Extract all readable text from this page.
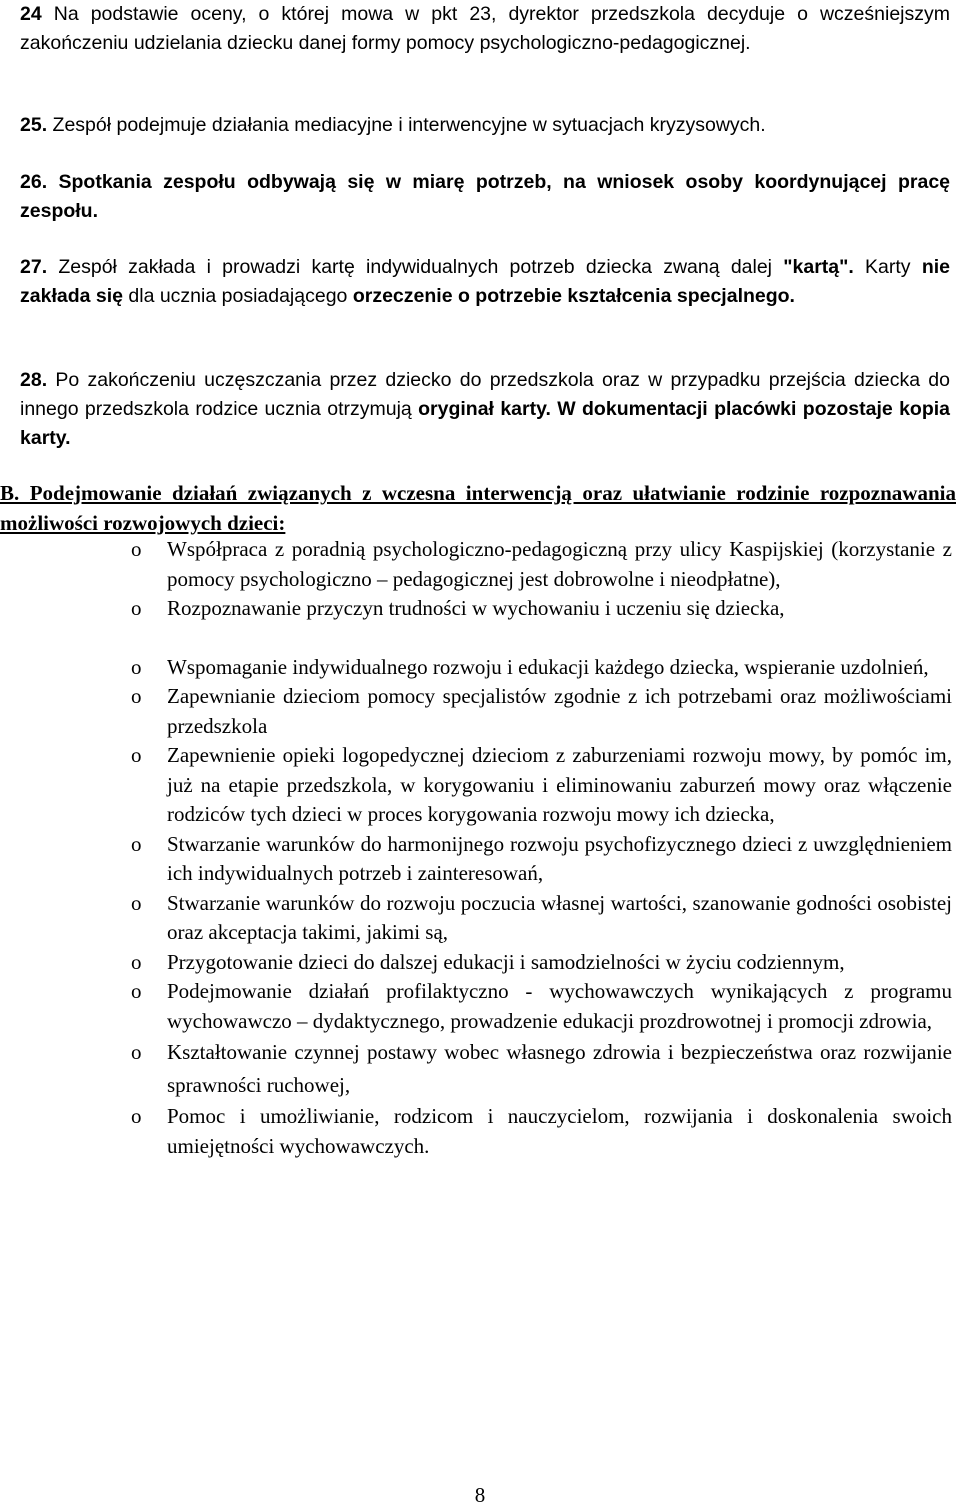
24 Na podstawie oceny, o której mowa w pkt 23, dyrektor przedszkola decyduje o wcześniejszym zakończeniu udzielania dziecku danej formy pomocy psychologiczno-pedagogicznej.
25. Zespół podejmuje działania mediacyjne i interwencyjne w sytuacjach kryzysowych.
26. Spotkania zespołu odbywają się w miarę potrzeb, na wniosek osoby koordynującej pracę zespołu.
27. Zespół zakłada i prowadzi kartę indywidualnych potrzeb dziecka zwaną dalej "kartą". Karty nie zakłada się dla ucznia posiadającego orzeczenie o potrzebie kształcenia specjalnego.
28. Po zakończeniu uczęszczania przez dziecko do przedszkola oraz w przypadku przejścia dziecka do innego przedszkola rodzice ucznia otrzymują oryginał karty. W dokumentacji placówki pozostaje kopia karty.
B. Podejmowanie działań związanych z wczesna interwencją oraz ułatwianie rodzinie rozpoznawania możliwości rozwojowych dzieci:
o Współpraca z poradnią psychologiczno-pedagogiczną przy ulicy Kaspijskiej (korzystanie z pomocy psychologiczno – pedagogicznej jest dobrowolne i nieodpłatne),
o Rozpoznawanie przyczyn trudności w wychowaniu i uczeniu się dziecka,
o Wspomaganie indywidualnego rozwoju i edukacji każdego dziecka, wspieranie uzdolnień,
o Zapewnianie dzieciom pomocy specjalistów zgodnie z ich potrzebami oraz możliwościami przedszkola
o Zapewnienie opieki logopedycznej dzieciom z zaburzeniami rozwoju mowy, by pomóc im, już na etapie przedszkola, w korygowaniu i eliminowaniu zaburzeń mowy oraz włączenie rodziców tych dzieci w proces korygowania rozwoju mowy ich dziecka,
o Stwarzanie warunków do harmonijnego rozwoju psychofizycznego dzieci z uwzględnieniem ich indywidualnych potrzeb i zainteresowań,
o Stwarzanie warunków do rozwoju poczucia własnej wartości, szanowanie godności osobistej oraz akceptacja takimi, jakimi są,
o Przygotowanie dzieci do dalszej edukacji i samodzielności w życiu codziennym,
o Podejmowanie działań profilaktyczno - wychowawczych wynikających z programu wychowawczo – dydaktycznego, prowadzenie edukacji prozdrowotnej i promocji zdrowia,
o Kształtowanie czynnej postawy wobec własnego zdrowia i bezpieczeństwa oraz rozwijanie sprawności ruchowej,
o Pomoc i umożliwianie, rodzicom i nauczycielom, rozwijania i doskonalenia swoich umiejętności wychowawczych.
8
